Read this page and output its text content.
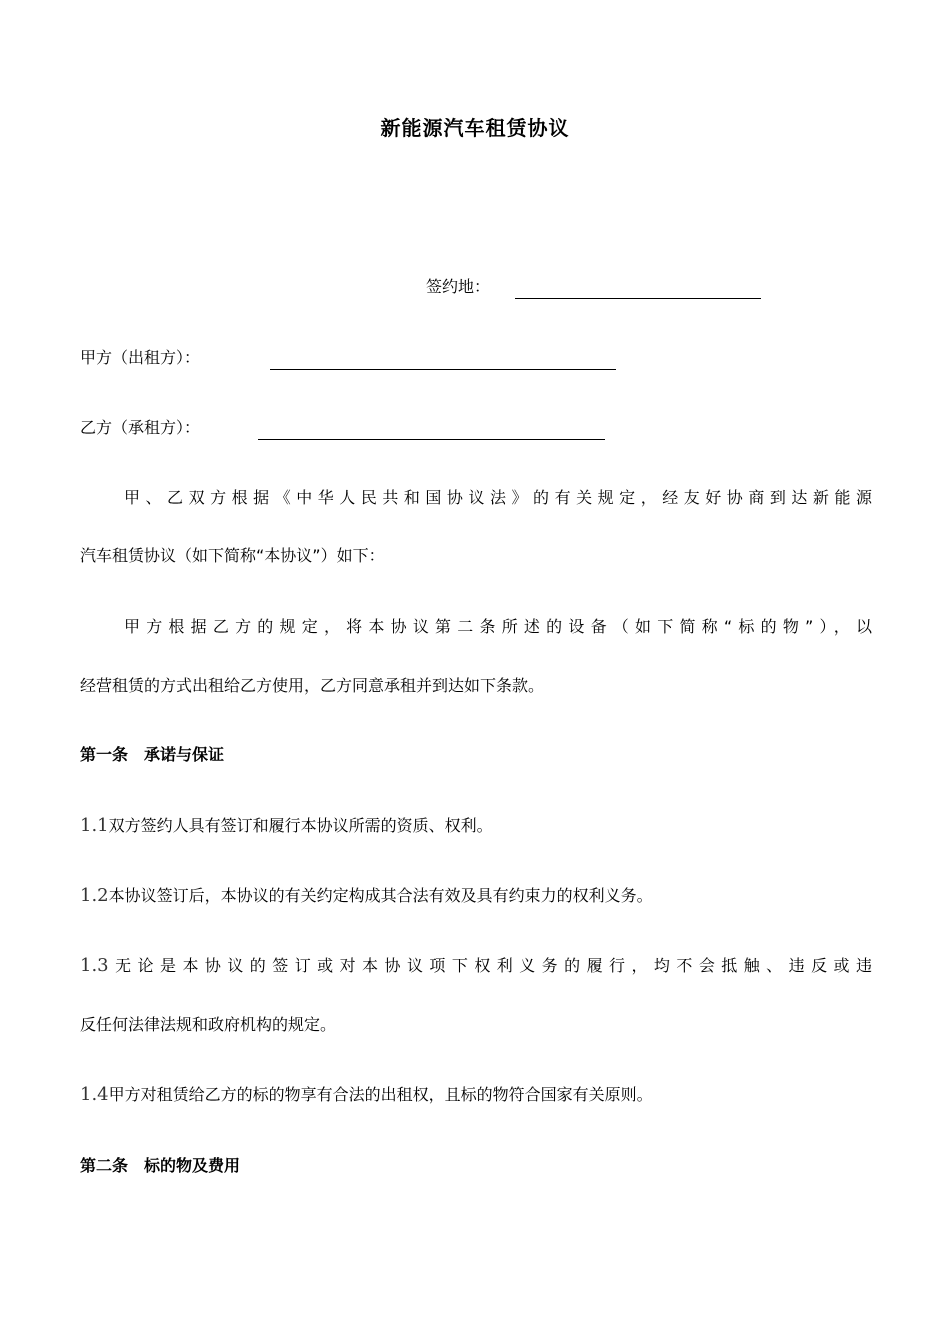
新能源汽车租赁协议
签约地：
甲方（出租方）：
乙方（承租方）：
甲、乙双方根据《中华人民共和国协议法》的有关规定，经友好协商到达新能源
汽车租赁协议（如下简称“本协议”）如下：
甲方根据乙方的规定，将本协议第二条所述的设备（如下简称“标的物”），以
经营租赁的方式出租给乙方使用，乙方同意承租并到达如下条款。
第一条　承诺与保证
1.1双方签约人具有签订和履行本协议所需的资质、权利。
1.2本协议签订后，本协议的有关约定构成其合法有效及具有约束力的权利义务。
1.3无论是本协议的签订或对本协议项下权利义务的履行，均不会抵触、违反或违
反任何法律法规和政府机构的规定。
1.4甲方对租赁给乙方的标的物享有合法的出租权，且标的物符合国家有关原则。
第二条　标的物及费用
